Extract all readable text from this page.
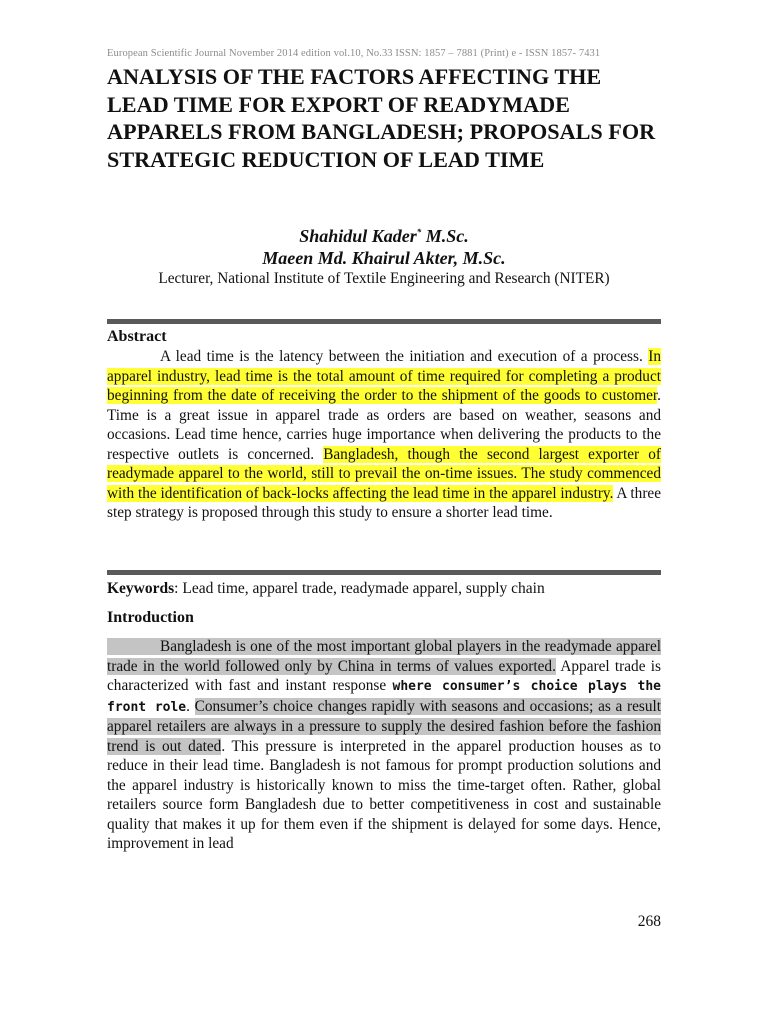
European Scientific Journal November 2014 edition vol.10, No.33 ISSN: 1857 – 7881 (Print) e - ISSN 1857- 7431
ANALYSIS OF THE FACTORS AFFECTING THE LEAD TIME FOR EXPORT OF READYMADE APPARELS FROM BANGLADESH; PROPOSALS FOR STRATEGIC REDUCTION OF LEAD TIME
Shahidul Kader* M.Sc.
Maeen Md. Khairul Akter, M.Sc.
Lecturer, National Institute of Textile Engineering and Research (NITER)
Abstract
A lead time is the latency between the initiation and execution of a process. In apparel industry, lead time is the total amount of time required for completing a product beginning from the date of receiving the order to the shipment of the goods to customer. Time is a great issue in apparel trade as orders are based on weather, seasons and occasions. Lead time hence, carries huge importance when delivering the products to the respective outlets is concerned. Bangladesh, though the second largest exporter of readymade apparel to the world, still to prevail the on-time issues. The study commenced with the identification of back-locks affecting the lead time in the apparel industry. A three step strategy is proposed through this study to ensure a shorter lead time.
Keywords: Lead time, apparel trade, readymade apparel, supply chain
Introduction
Bangladesh is one of the most important global players in the readymade apparel trade in the world followed only by China in terms of values exported. Apparel trade is characterized with fast and instant response where consumer’s choice plays the front role. Consumer’s choice changes rapidly with seasons and occasions; as a result apparel retailers are always in a pressure to supply the desired fashion before the fashion trend is out dated. This pressure is interpreted in the apparel production houses as to reduce in their lead time. Bangladesh is not famous for prompt production solutions and the apparel industry is historically known to miss the time-target often. Rather, global retailers source form Bangladesh due to better competitiveness in cost and sustainable quality that makes it up for them even if the shipment is delayed for some days. Hence, improvement in lead
268
